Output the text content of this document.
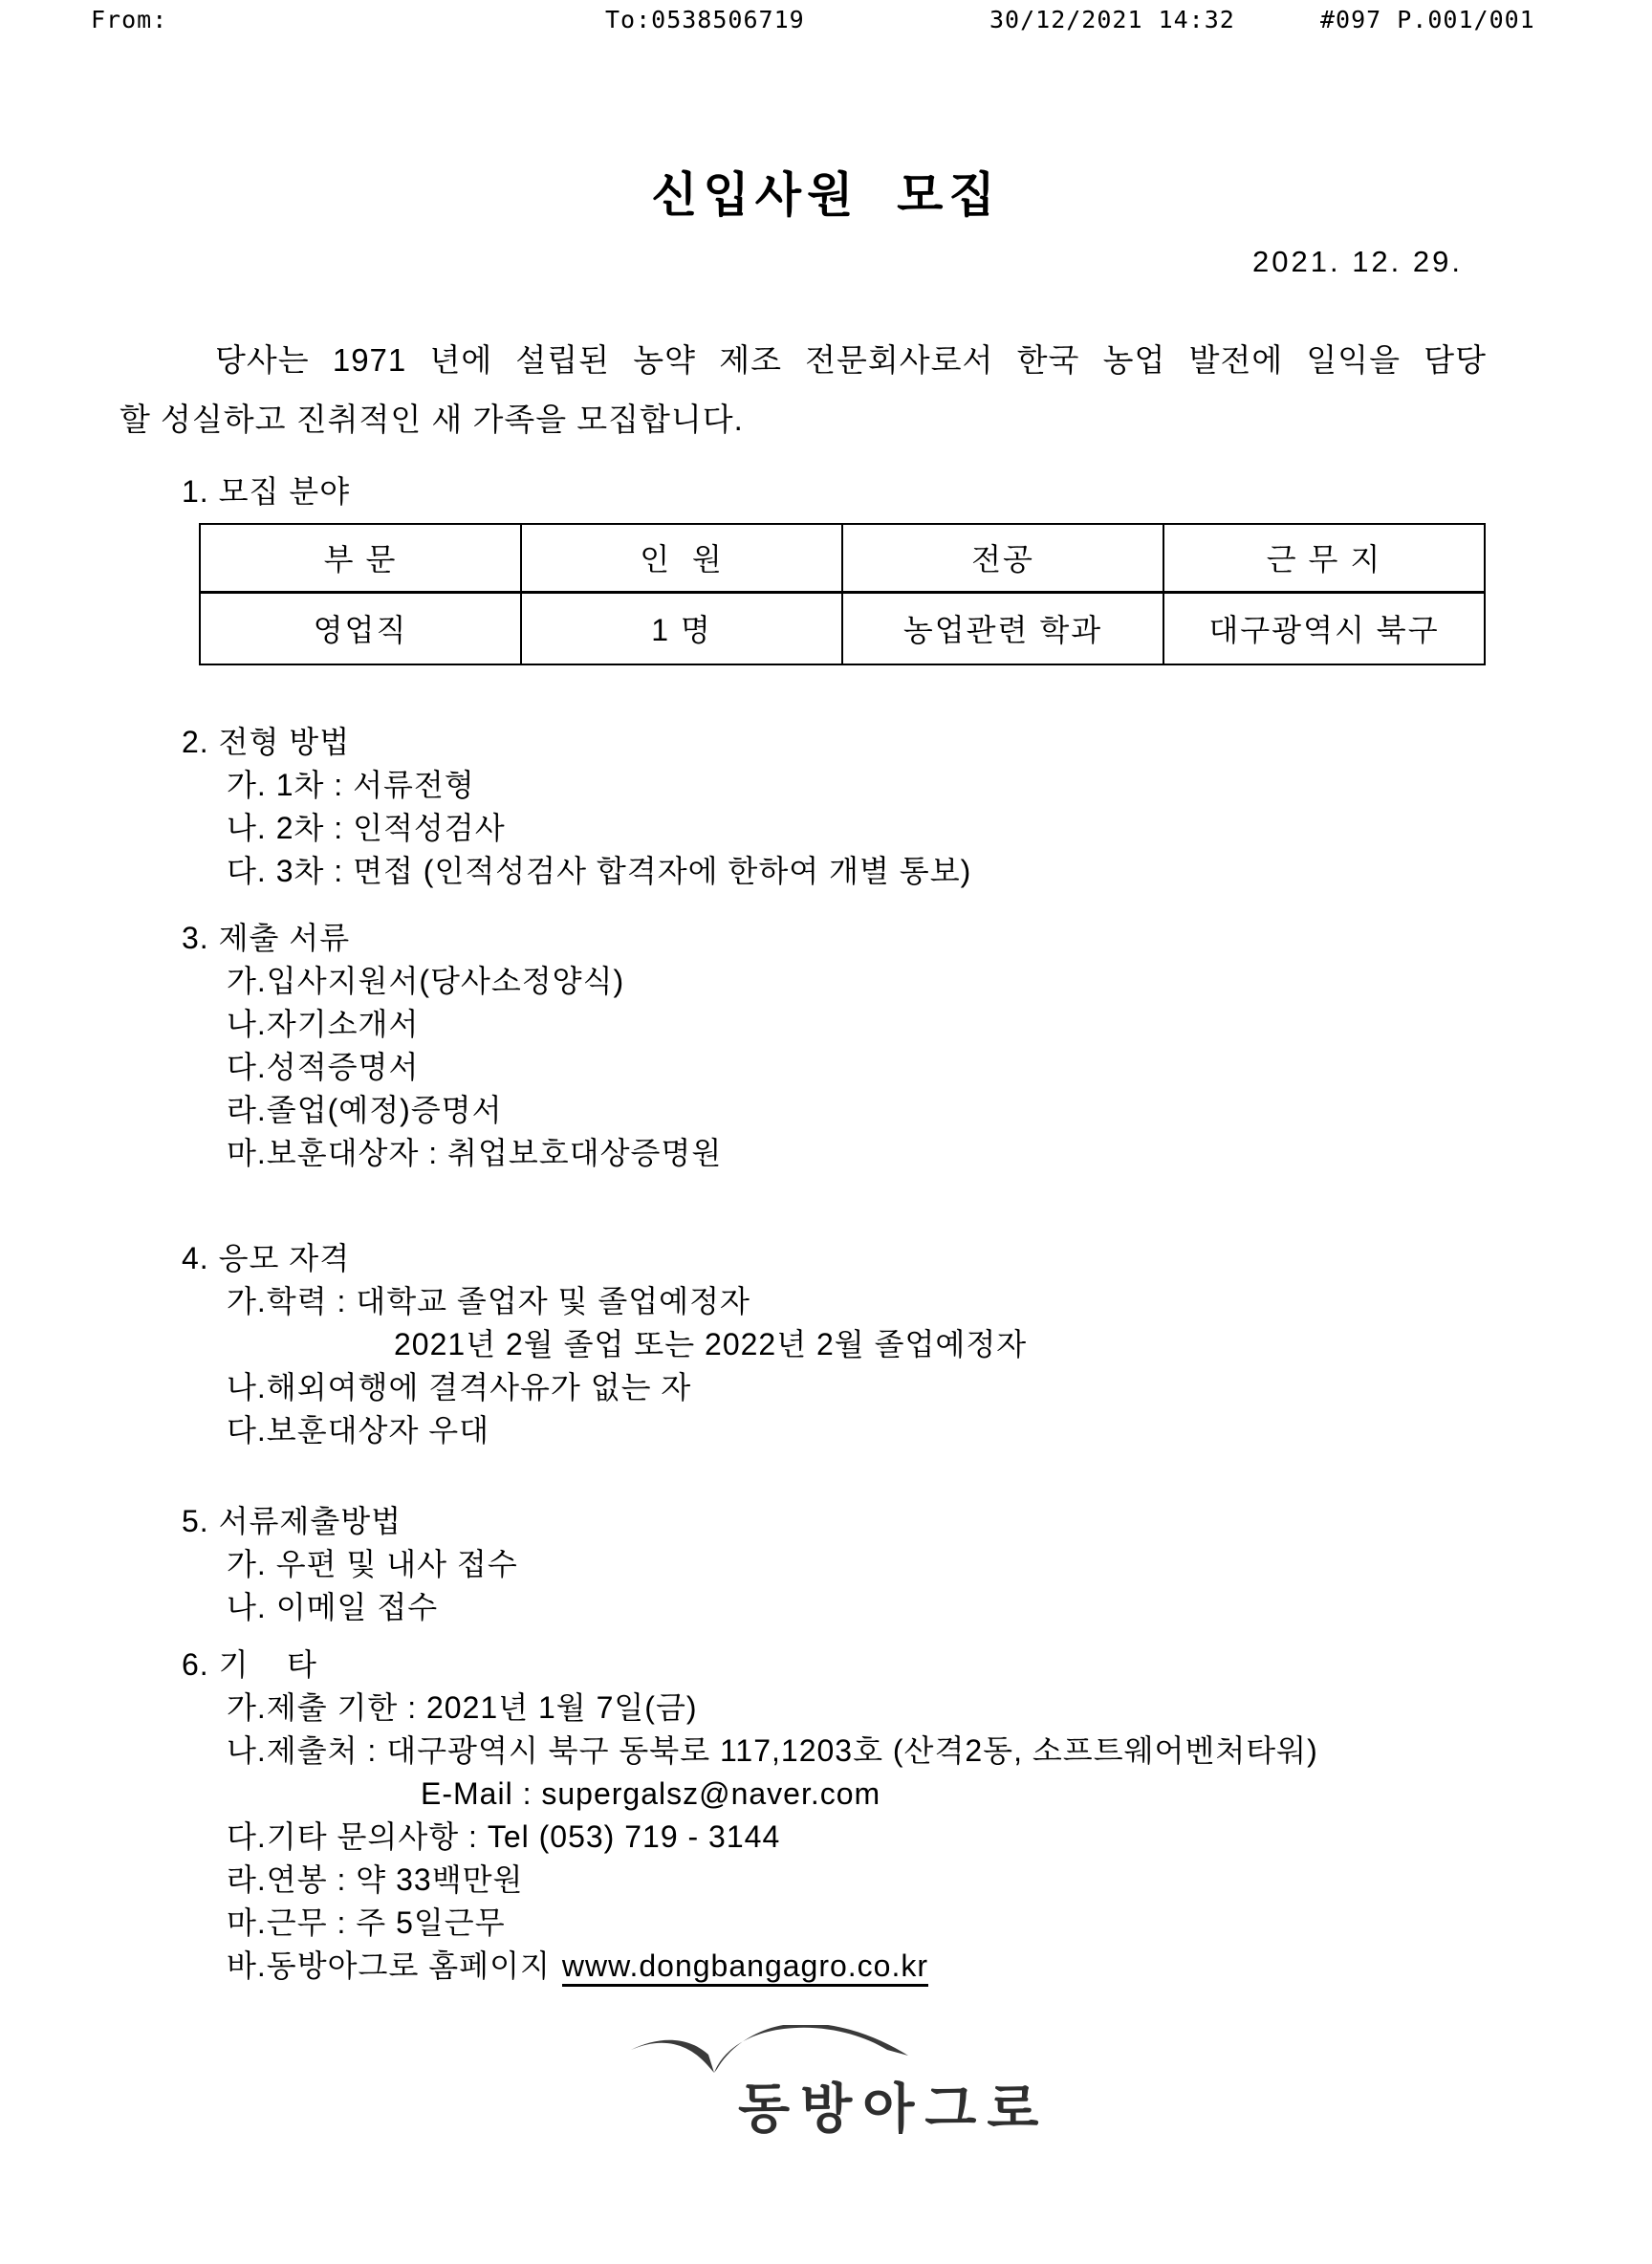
From:

	To:0538506719

	30/12/2021 14:32

	#097 P.001/001

신입사원  모집
2021. 12. 29.
당사는 1971 년에 설립된 농약 제조 전문회사로서 한국 농업 발전에 일익을 담당
할 성실하고 진취적인 새 가족을 모집합니다.
1. 모집 분야
부 문	인  원	전공	근 무 지
영업직	1 명	농업관련 학과	대구광역시 북구
2. 전형 방법
가. 1차 : 서류전형
나. 2차 : 인적성검사
다. 3차 : 면접 (인적성검사 합격자에 한하여 개별 통보)
3. 제출 서류
가.입사지원서(당사소정양식)
나.자기소개서
다.성적증명서
라.졸업(예정)증명서
마.보훈대상자 : 취업보호대상증명원
4. 응모 자격
가.학력 : 대학교 졸업자 및 졸업예정자
2021년 2월 졸업 또는 2022년 2월 졸업예정자
나.해외여행에 결격사유가 없는 자
다.보훈대상자 우대
5. 서류제출방법
가. 우편 및 내사 접수
나. 이메일 접수
6. 기    타
가.제출 기한 : 2021년 1월 7일(금)
나.제출처 : 대구광역시 북구 동북로 117,1203호 (산격2동, 소프트웨어벤처타워)
E-Mail : supergalsz@naver.com
다.기타 문의사항 : Tel (053) 719 - 3144
라.연봉 : 약 33백만원
마.근무 : 주 5일근무
바.동방아그로 홈페이지 www.dongbangagro.co.kr
동방아그로
